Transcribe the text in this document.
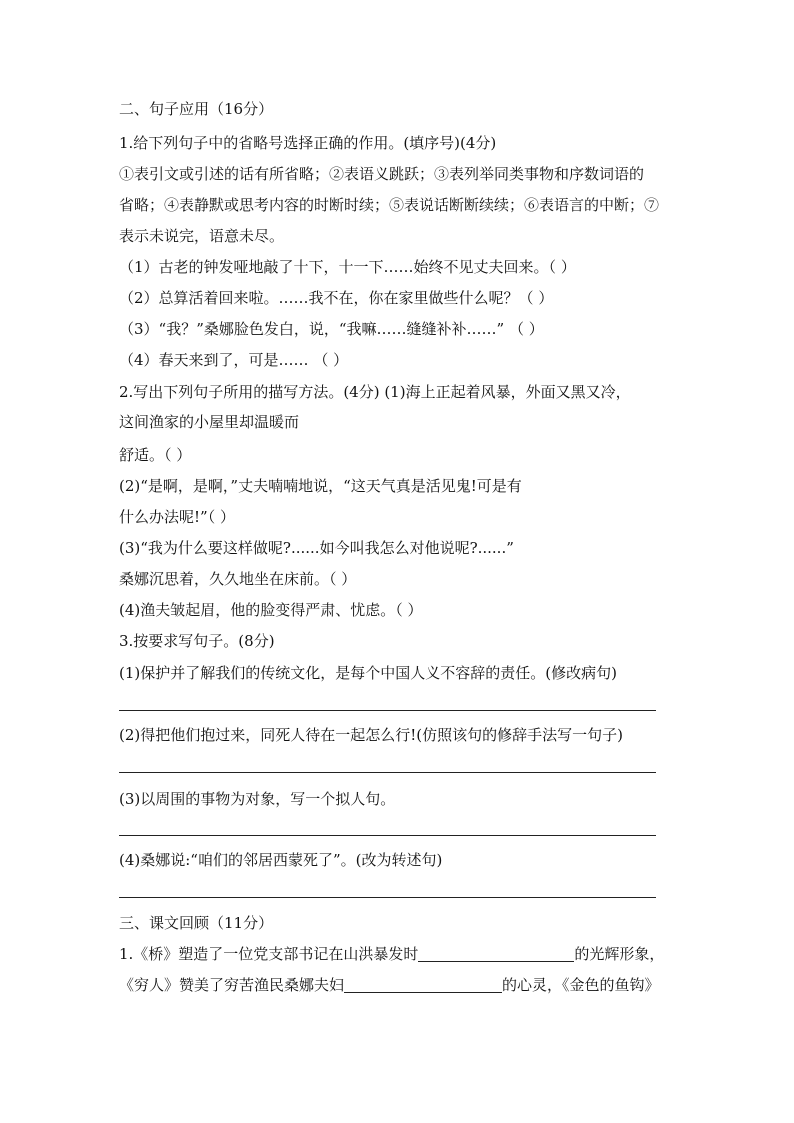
二、句子应用（16分）
1.给下列句子中的省略号选择正确的作用。(填序号)(4分)
①表引文或引述的话有所省略；②表语义跳跃；③表列举同类事物和序数词语的
省略；④表静默或思考内容的时断时续；⑤表说话断断续续；⑥表语言的中断；⑦
表示未说完，语意未尽。
（1）古老的钟发哑地敲了十下，十一下……始终不见丈夫回来。（ ）
（2）总算活着回来啦。……我不在，你在家里做些什么呢？（ ）
（3）“我？”桑娜脸色发白，说，“我嘛……缝缝补补……” （ ）
（4）春天来到了，可是…… （ ）
2.写出下列句子所用的描写方法。(4分) (1)海上正起着风暴，外面又黑又冷，
这间渔家的小屋里却温暖而
舒适。（ ）
(2)“是啊，是啊，”丈夫喃喃地说，“这天气真是活见鬼!可是有
什么办法呢!”（ ）
(3)“我为什么要这样做呢?......如今叫我怎么对他说呢?......”
桑娜沉思着，久久地坐在床前。（ ）
(4)渔夫皱起眉，他的脸变得严肃、忧虑。（ ）
3.按要求写句子。(8分)
(1)保护并了解我们的传统文化，是每个中国人义不容辞的责任。(修改病句)
(2)得把他们抱过来，同死人待在一起怎么行!(仿照该句的修辞手法写一句子)
(3)以周围的事物为对象，写一个拟人句。
(4)桑娜说:“咱们的邻居西蒙死了”。(改为转述句)
三、课文回顾（11分）
1.《桥》塑造了一位党支部书记在山洪暴发时	的光辉形象，
《穷人》赞美了穷苦渔民桑娜夫妇	的心灵，《金色的鱼钩》
